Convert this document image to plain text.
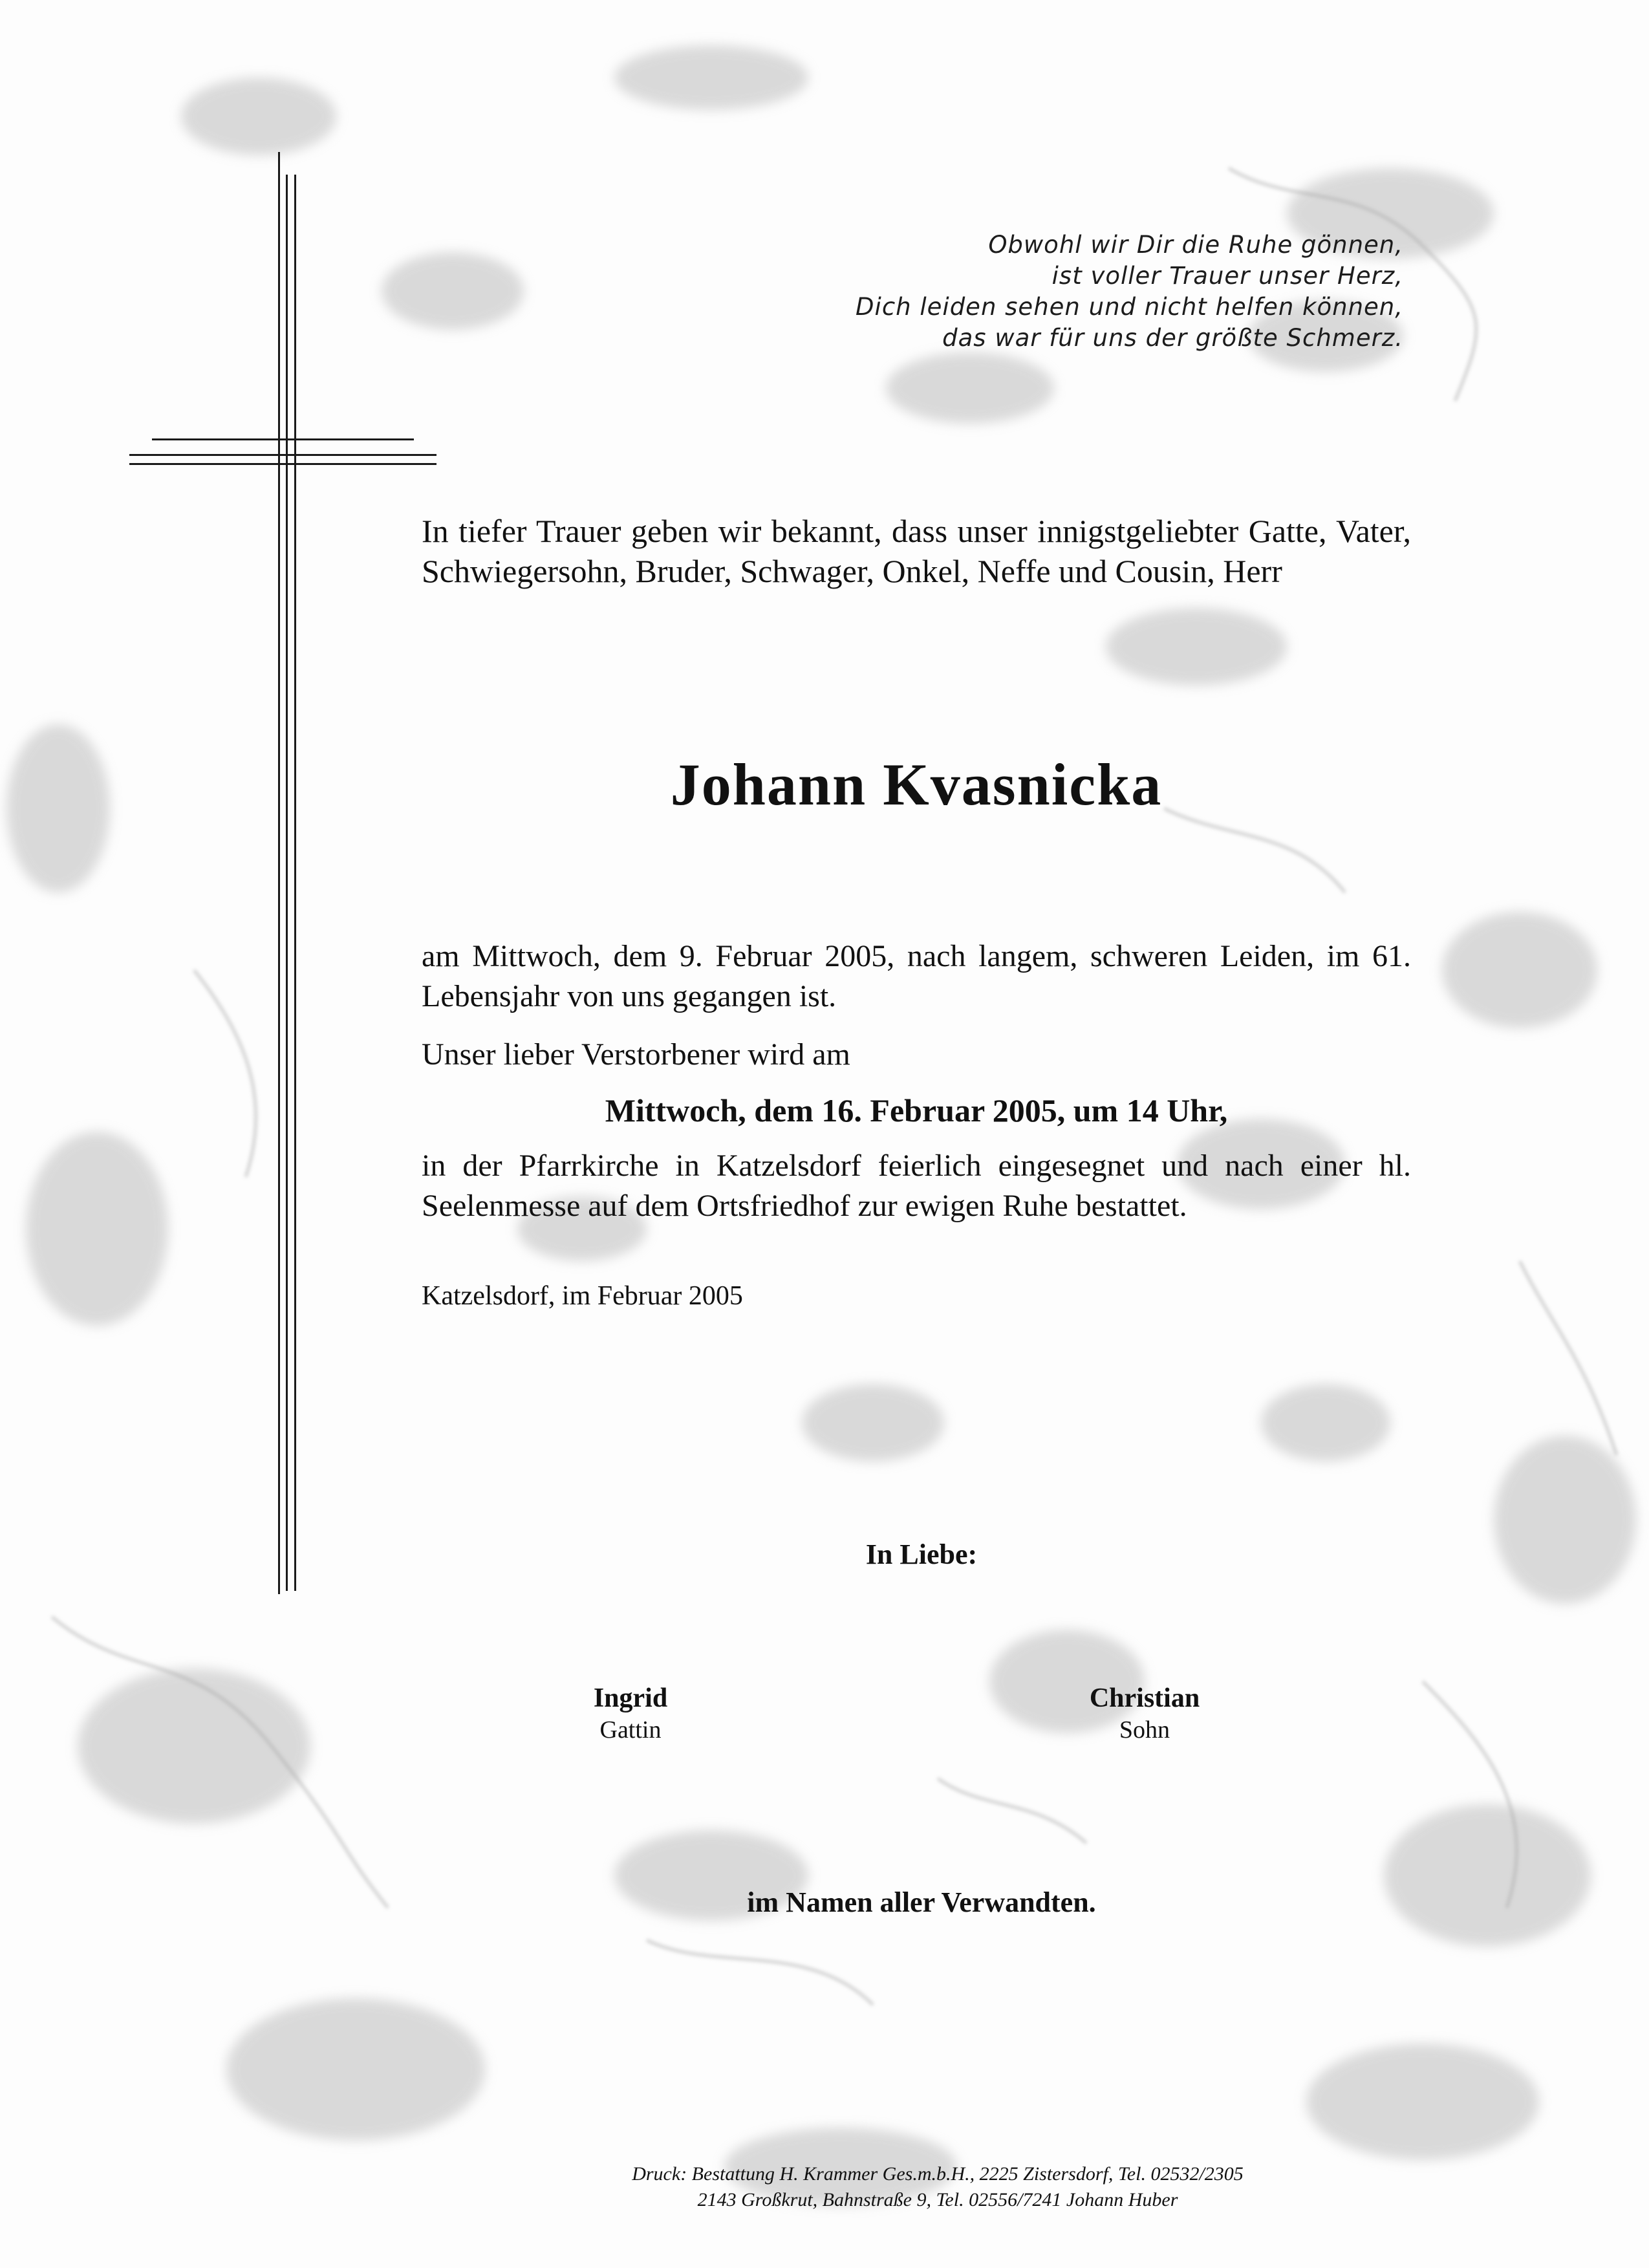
Obwohl wir Dir die Ruhe gönnen,
ist voller Trauer unser Herz,
Dich leiden sehen und nicht helfen können,
das war für uns der größte Schmerz.
In tiefer Trauer geben wir bekannt, dass unser innigstgeliebter Gatte, Vater, Schwiegersohn, Bruder, Schwager, Onkel, Neffe und Cousin, Herr
Johann Kvasnicka
am Mittwoch, dem 9. Februar 2005, nach langem, schweren Leiden, im 61. Lebensjahr von uns gegangen ist.
Unser lieber Verstorbener wird am
Mittwoch, dem 16. Februar 2005, um 14 Uhr,
in der Pfarrkirche in Katzelsdorf feierlich eingesegnet und nach einer hl. Seelenmesse auf dem Ortsfriedhof zur ewigen Ruhe bestattet.
Katzelsdorf, im Februar 2005
In Liebe:
Ingrid
Gattin
Christian
Sohn
im Namen aller Verwandten.
Druck: Bestattung H. Krammer Ges.m.b.H., 2225 Zistersdorf, Tel. 02532/2305
2143 Großkrut, Bahnstraße 9, Tel. 02556/7241 Johann Huber
